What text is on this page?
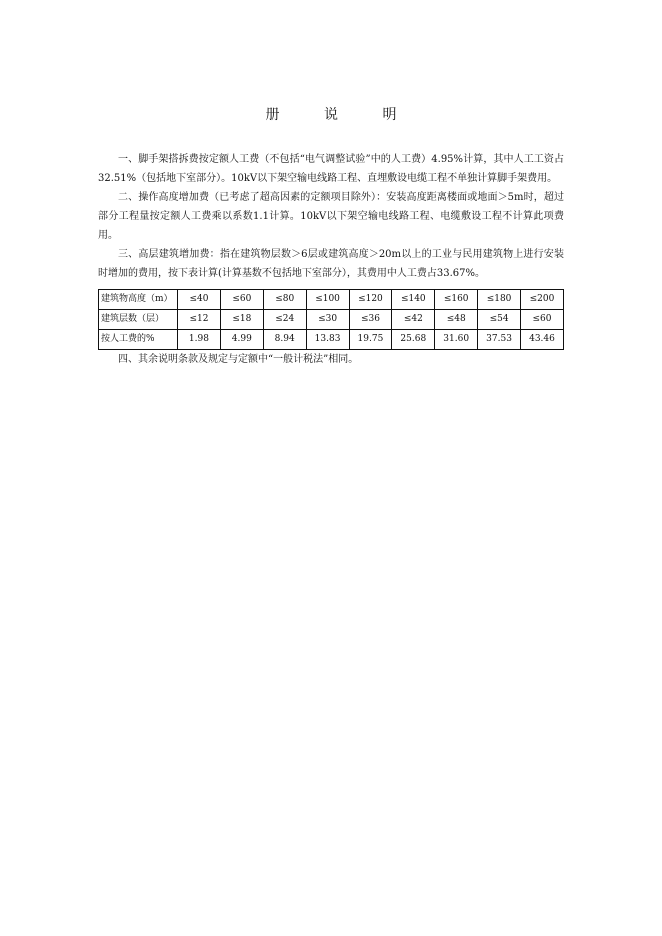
册 说 明

一、脚手架搭拆费按定额人工费（不包括“电气调整试验”中的人工费）4.95%计算，其中人工工资占32.51%（包括地下室部分）。10kV以下架空输电线路工程、直埋敷设电缆工程不单独计算脚手架费用。

二、操作高度增加费（已考虑了超高因素的定额项目除外）：安装高度距离楼面或地面＞5m时，超过部分工程量按定额人工费乘以系数1.1计算。10kV以下架空输电线路工程、电缆敷设工程不计算此项费用。

三、高层建筑增加费：指在建筑物层数＞6层或建筑高度＞20m以上的工业与民用建筑物上进行安装时增加的费用，按下表计算(计算基数不包括地下室部分），其费用中人工费占33.67%。

建筑物高度（m）	≤40	≤60	≤80	≤100	≤120	≤140	≤160	≤180	≤200
建筑层数（层）	≤12	≤18	≤24	≤30	≤36	≤42	≤48	≤54	≤60
按人工费的%	1.98	4.99	8.94	13.83	19.75	25.68	31.60	37.53	43.46

四、其余说明条款及规定与定额中“一般计税法”相同。
